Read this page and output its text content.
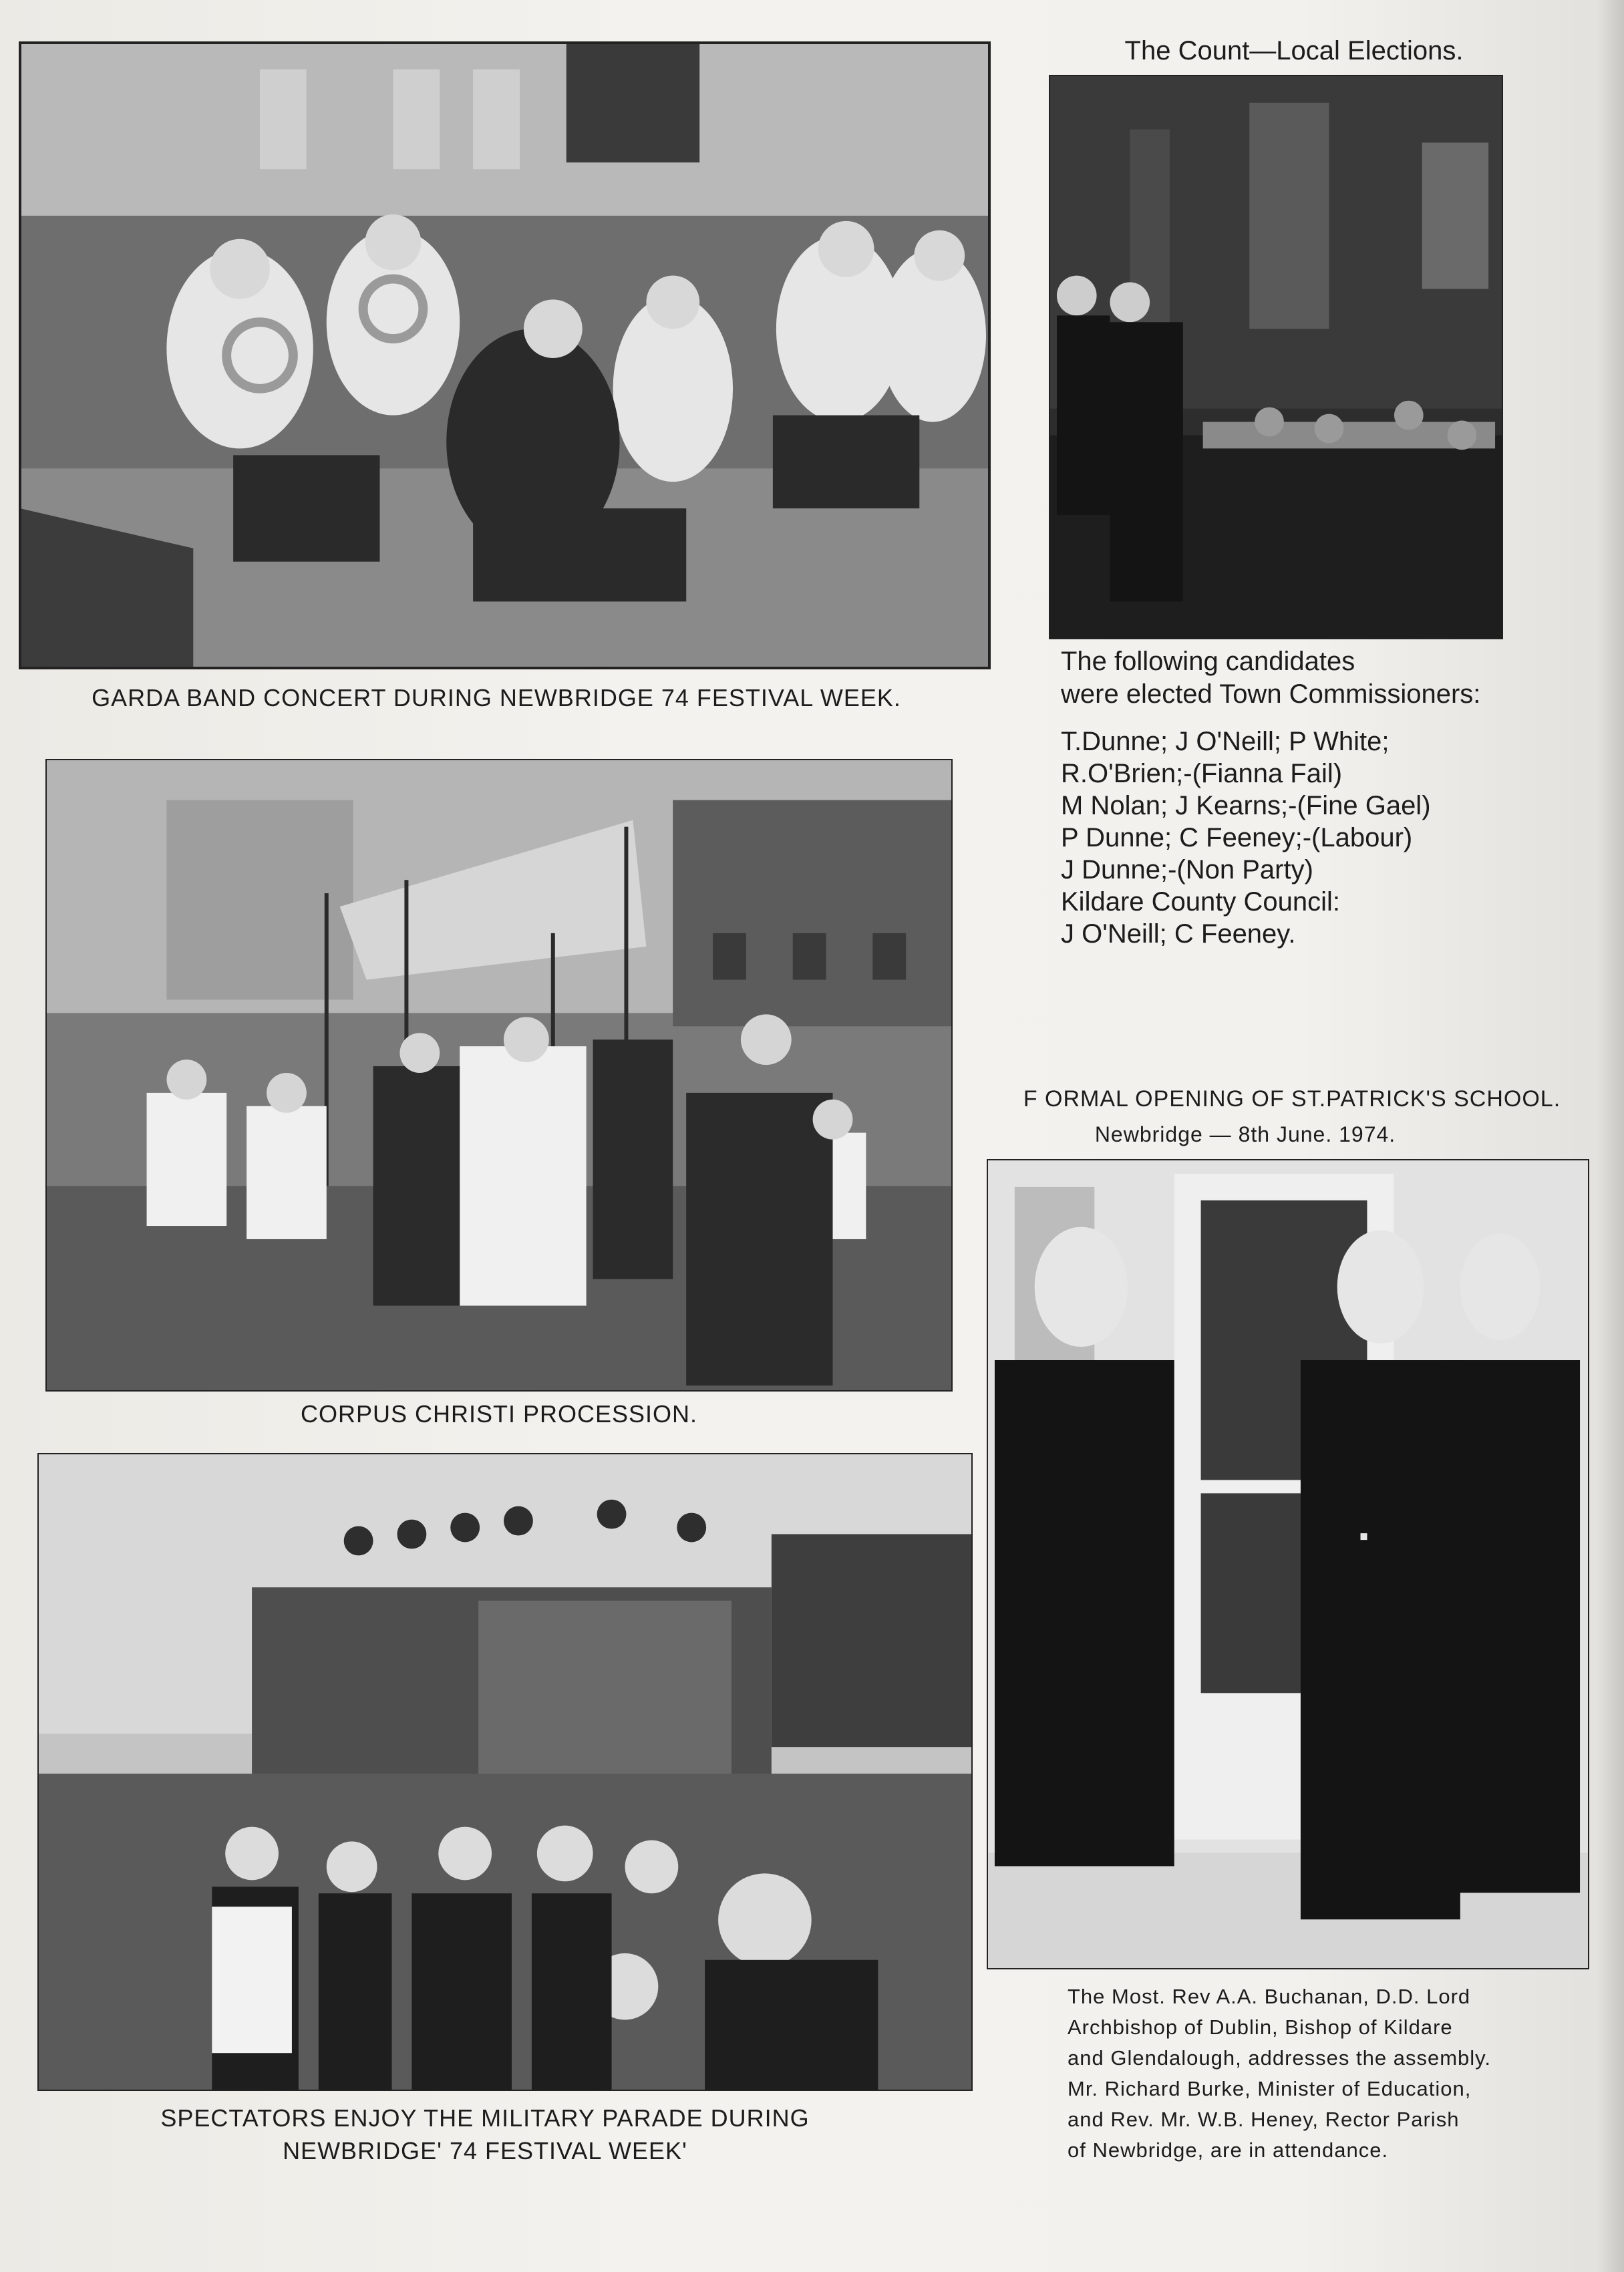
GARDA BAND CONCERT DURING NEWBRIDGE 74 FESTIVAL WEEK.
The Count—Local Elections.
The following candidates
were elected Town Commissioners:
T.Dunne; J O'Neill; P White;
R.O'Brien;-(Fianna Fail)
M Nolan; J Kearns;-(Fine Gael)
P Dunne; C Feeney;-(Labour)
J Dunne;-(Non Party)
Kildare County Council:
J O'Neill; C Feeney.
CORPUS CHRISTI PROCESSION.
SPECTATORS ENJOY THE MILITARY PARADE DURING
NEWBRIDGE' 74 FESTIVAL WEEK'
F ORMAL OPENING OF ST.PATRICK'S SCHOOL.
Newbridge — 8th June. 1974.
The Most. Rev A.A. Buchanan, D.D. Lord
Archbishop of Dublin, Bishop of Kildare
and Glendalough, addresses the assembly.
Mr. Richard Burke, Minister of Education,
and Rev. Mr. W.B. Heney, Rector Parish
of Newbridge, are in attendance.
